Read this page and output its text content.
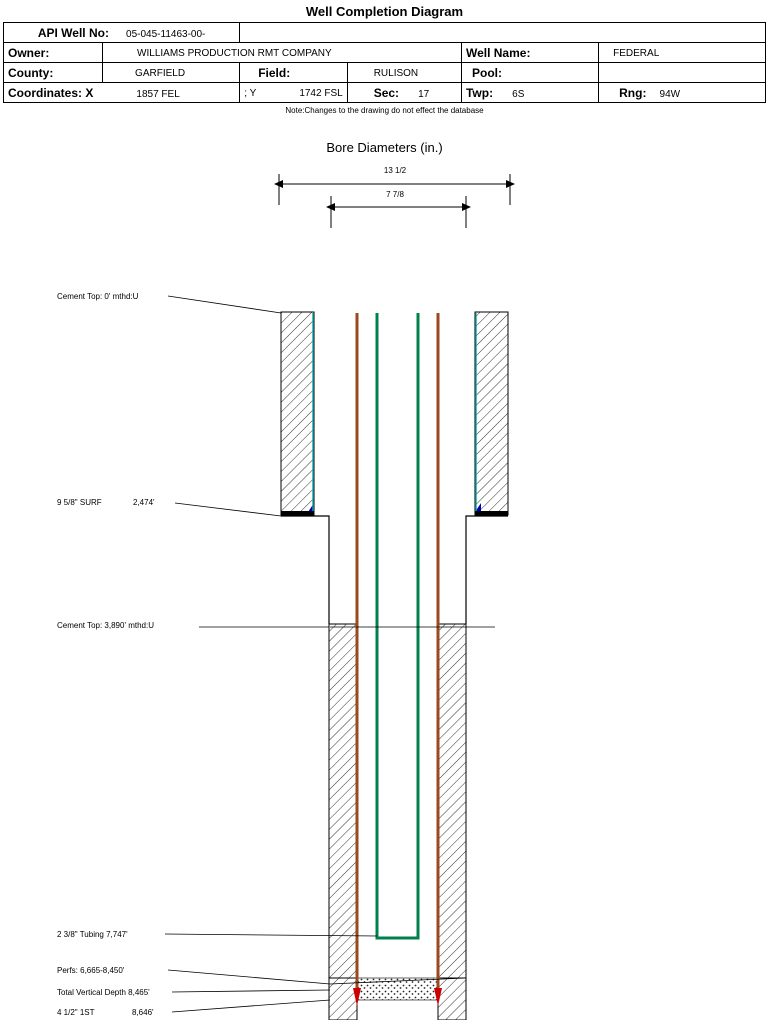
Well Completion Diagram
API Well No: 05-045-11463-00-					
Owner:	WILLIAMS PRODUCTION RMT COMPANY			Well Name:	FEDERAL
County:	GARFIELD	Field:	RULISON	Pool:	
Coordinates: X 1857 FEL		; Y 1742 FSL	Sec: 17	Twp: 6S	Rng: 94W
Note:Changes to the drawing do not effect the database
Bore Diameters (in.)
13 1/2
7 7/8
Cement Top: 0' mthd:U
9 5/8" SURF	2,474'
Cement Top: 3,890' mthd:U
2 3/8" Tubing 7,747'
Perfs: 6,665-8,450'
Total Vertical Depth 8,465'
4 1/2" 1ST	8,646'
